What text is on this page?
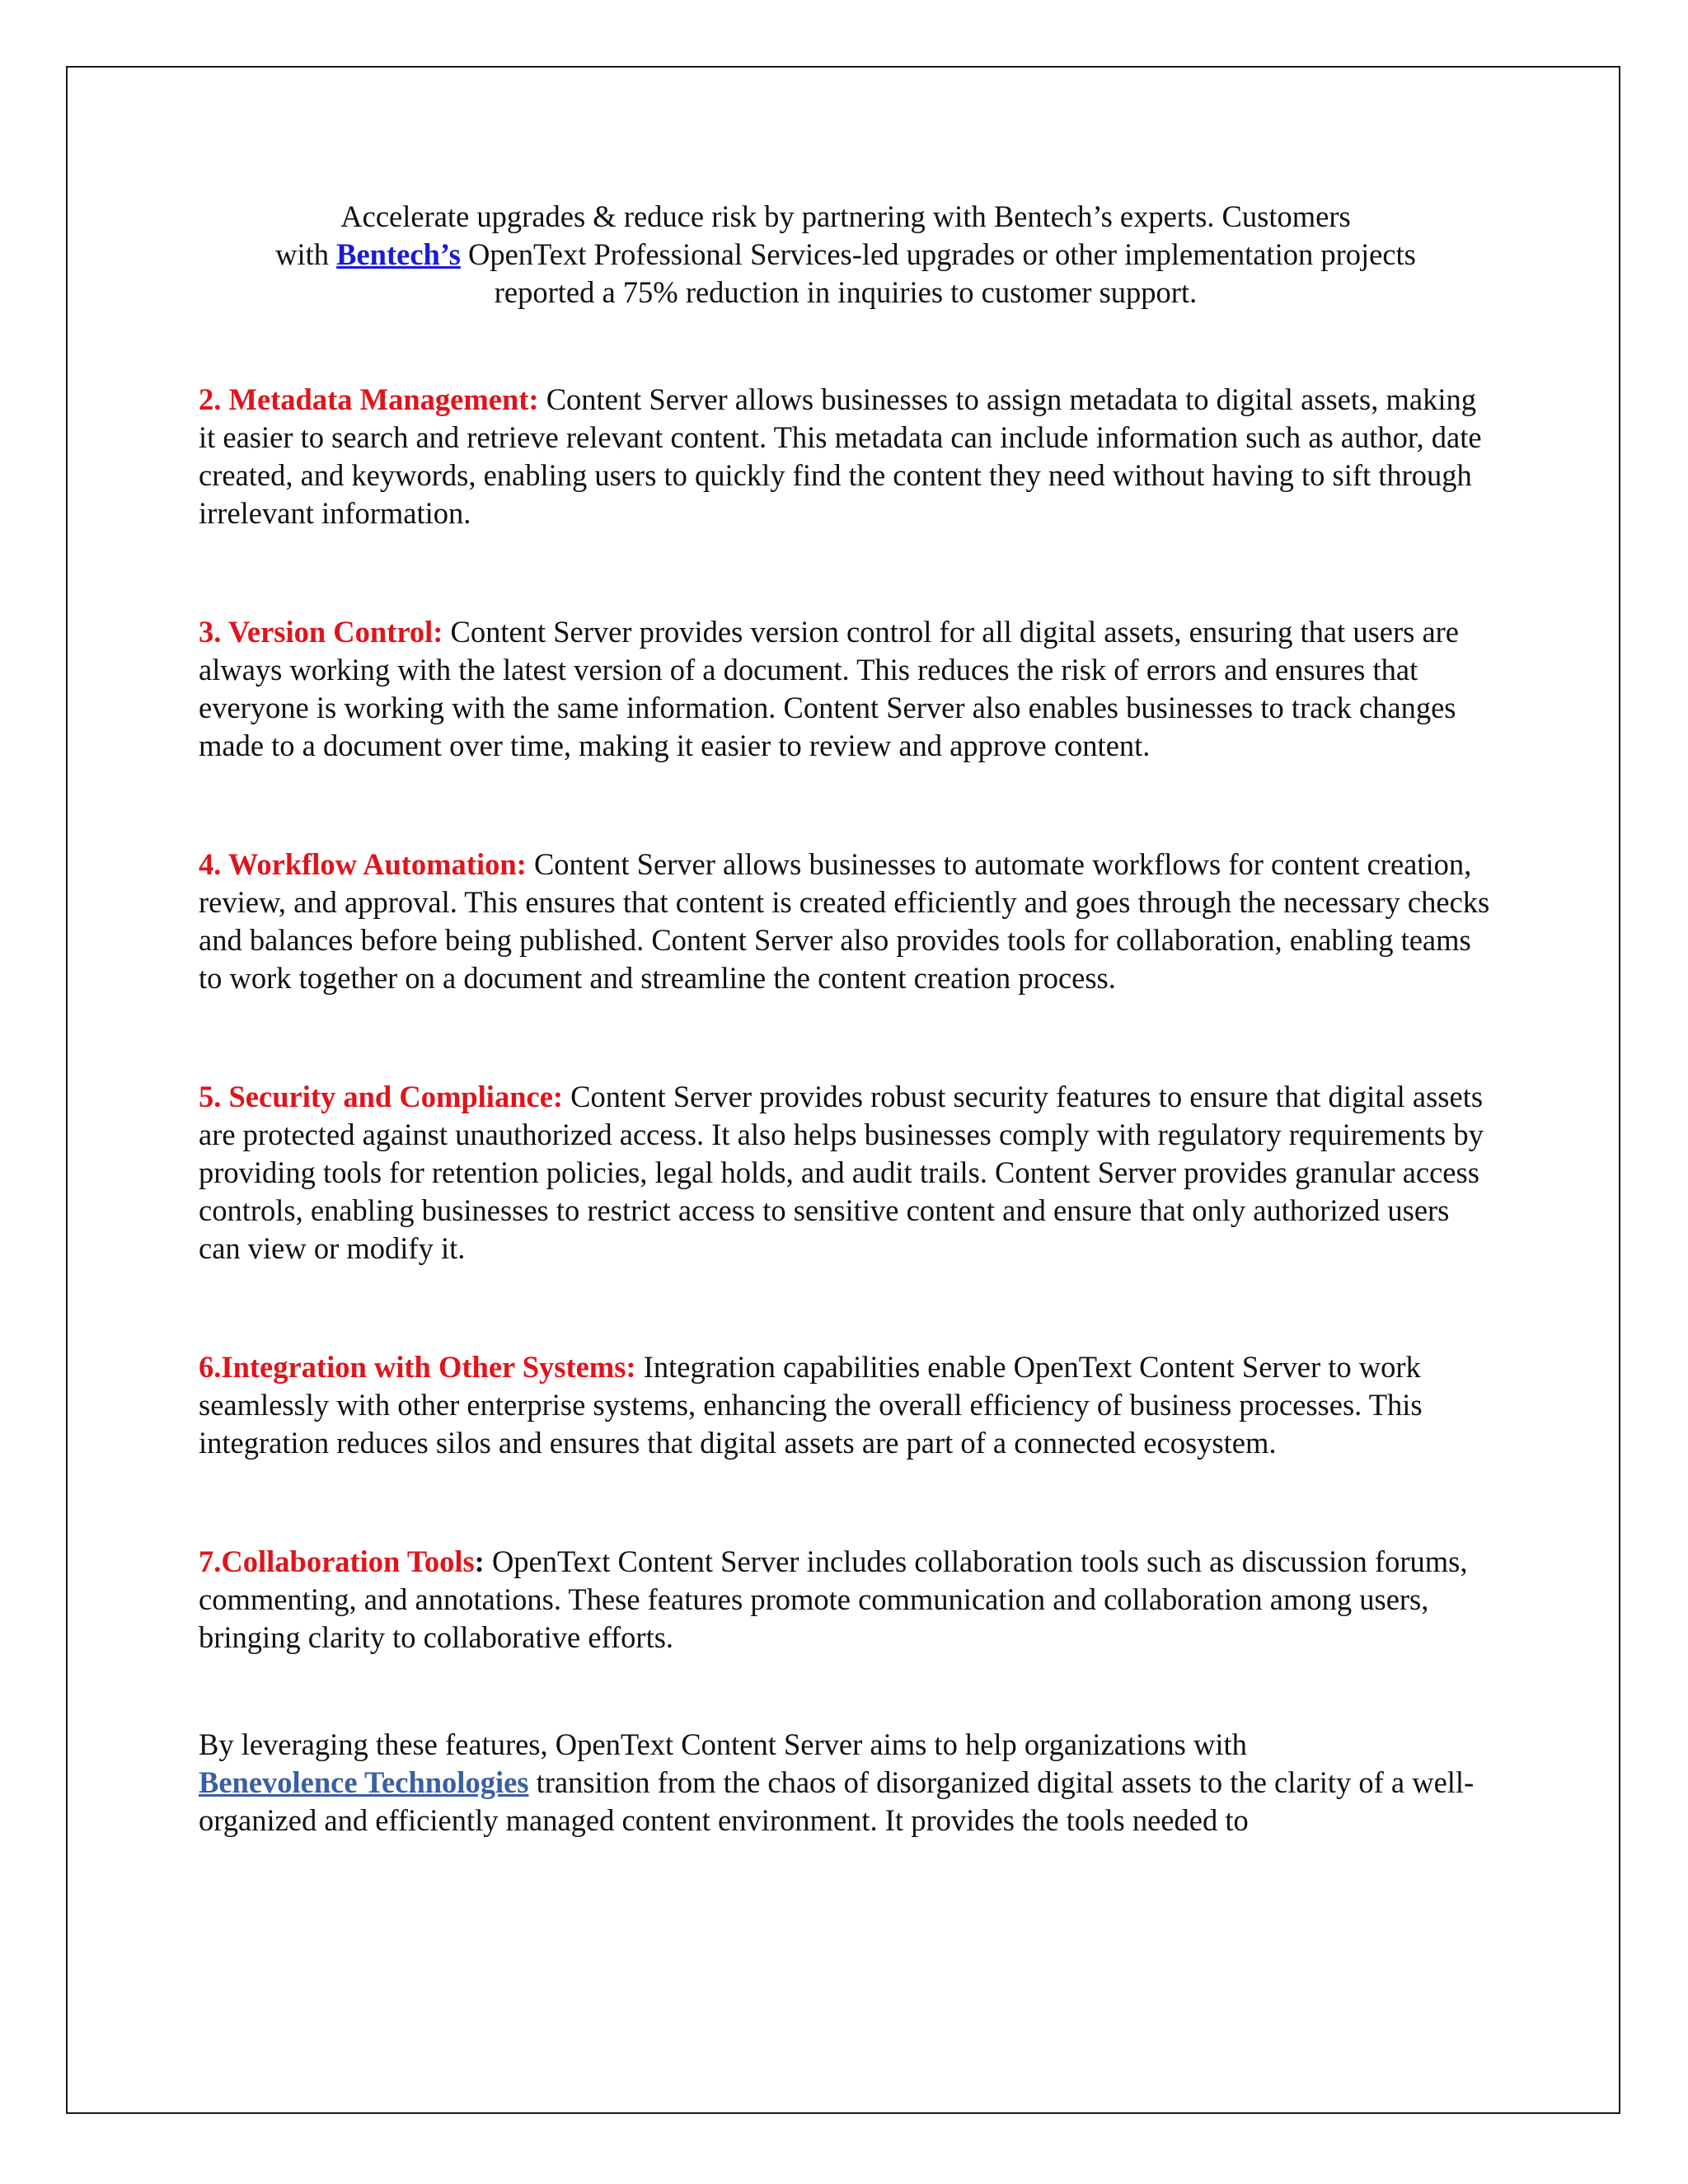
Accelerate upgrades & reduce risk by partnering with Bentech’s experts. Customers
with Bentech’s OpenText Professional Services-led upgrades or other implementation projects
reported a 75% reduction in inquiries to customer support.

2. Metadata Management: Content Server allows businesses to assign metadata to digital assets, making it easier to search and retrieve relevant content. This metadata can include information such as author, date created, and keywords, enabling users to quickly find the content they need without having to sift through irrelevant information.

3. Version Control: Content Server provides version control for all digital assets, ensuring that users are always working with the latest version of a document. This reduces the risk of errors and ensures that everyone is working with the same information. Content Server also enables businesses to track changes made to a document over time, making it easier to review and approve content.

4. Workflow Automation: Content Server allows businesses to automate workflows for content creation, review, and approval. This ensures that content is created efficiently and goes through the necessary checks and balances before being published. Content Server also provides tools for collaboration, enabling teams to work together on a document and streamline the content creation process.

5. Security and Compliance: Content Server provides robust security features to ensure that digital assets are protected against unauthorized access. It also helps businesses comply with regulatory requirements by providing tools for retention policies, legal holds, and audit trails. Content Server provides granular access controls, enabling businesses to restrict access to sensitive content and ensure that only authorized users can view or modify it.

6.Integration with Other Systems: Integration capabilities enable OpenText Content Server to work seamlessly with other enterprise systems, enhancing the overall efficiency of business processes. This integration reduces silos and ensures that digital assets are part of a connected ecosystem.

7.Collaboration Tools: OpenText Content Server includes collaboration tools such as discussion forums, commenting, and annotations. These features promote communication and collaboration among users, bringing clarity to collaborative efforts.

By leveraging these features, OpenText Content Server aims to help organizations with
Benevolence Technologies transition from the chaos of disorganized digital assets to the clarity of a well-organized and efficiently managed content environment. It provides the tools needed to
